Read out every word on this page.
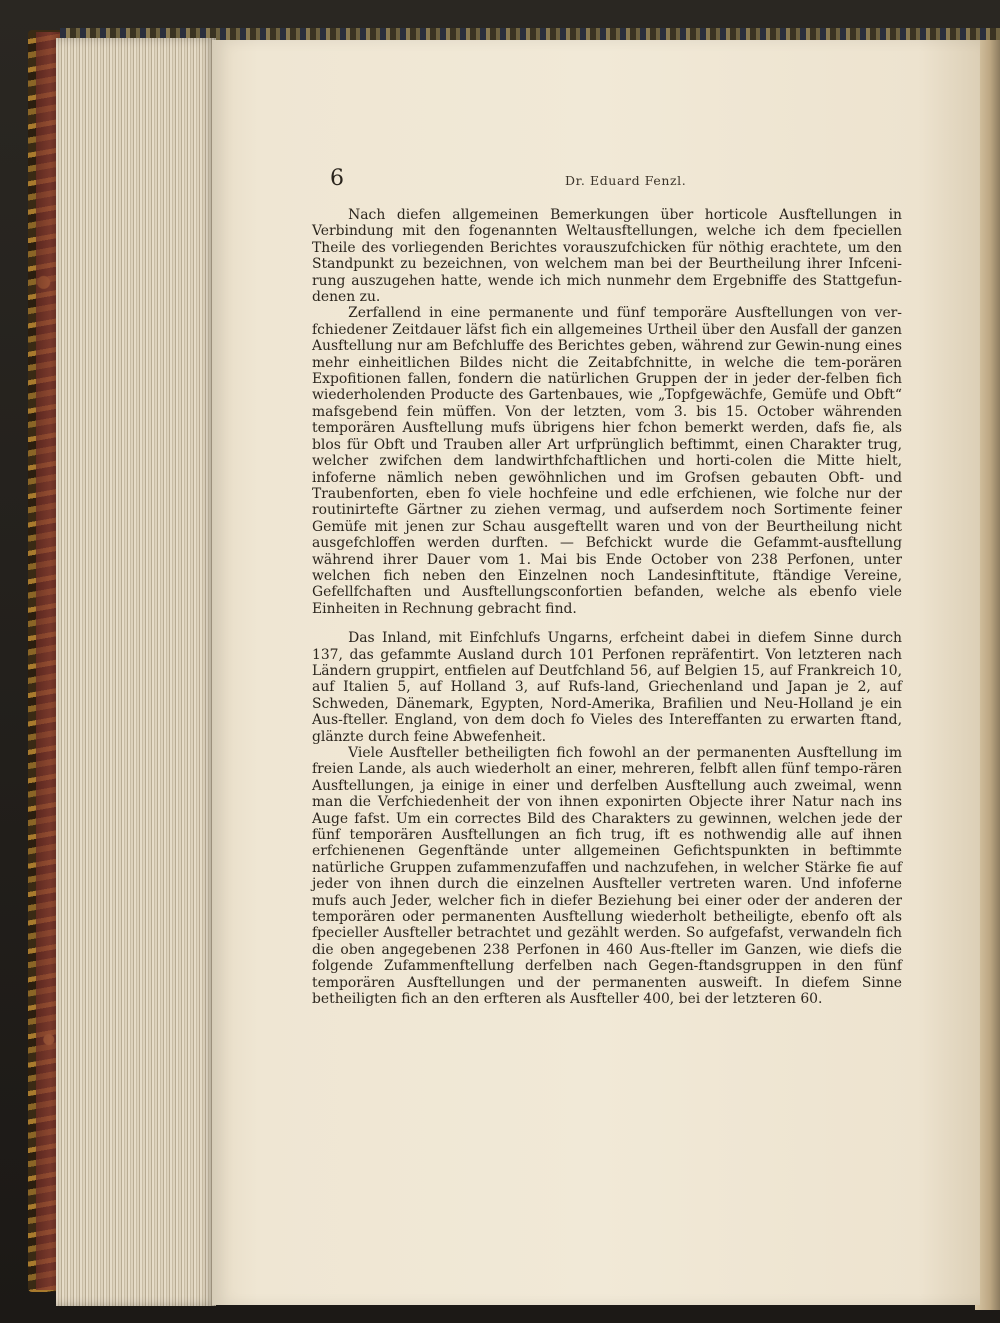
6	Dr. Eduard Fenzl.

Nach diefen allgemeinen Bemerkungen über horticole Ausftellungen in Verbindung mit den fogenannten Weltausftellungen, welche ich dem fpeciellen Theile des vorliegenden Berichtes vorauszufchicken für nöthig erachtete, um den Standpunkt zu bezeichnen, von welchem man bei der Beurtheilung ihrer Infceni-rung auszugehen hatte, wende ich mich nunmehr dem Ergebniffe des Stattgefun-denen zu.

Zerfallend in eine permanente und fünf temporäre Ausftellungen von ver-fchiedener Zeitdauer läfst fich ein allgemeines Urtheil über den Ausfall der ganzen Ausftellung nur am Befchluffe des Berichtes geben, während zur Gewin-nung eines mehr einheitlichen Bildes nicht die Zeitabfchnitte, in welche die tem-porären Expofitionen fallen, fondern die natürlichen Gruppen der in jeder der-felben fich wiederholenden Producte des Gartenbaues, wie „Topfgewächfe, Gemüfe und Obft“ mafsgebend fein müffen. Von der letzten, vom 3. bis 15. October währenden temporären Ausftellung mufs übrigens hier fchon bemerkt werden, dafs fie, als blos für Obft und Trauben aller Art urfprünglich beftimmt, einen Charakter trug, welcher zwifchen dem landwirthfchaftlichen und horti-colen die Mitte hielt, infoferne nämlich neben gewöhnlichen und im Grofsen gebauten Obft- und Traubenforten, eben fo viele hochfeine und edle erfchienen, wie folche nur der routinirtefte Gärtner zu ziehen vermag, und aufserdem noch Sortimente feiner Gemüfe mit jenen zur Schau ausgeftellt waren und von der Beurtheilung nicht ausgefchloffen werden durften. — Befchickt wurde die Gefammt-ausftellung während ihrer Dauer vom 1. Mai bis Ende October von 238 Perfonen, unter welchen fich neben den Einzelnen noch Landesinftitute, ftändige Vereine, Gefellfchaften und Ausftellungsconfortien befanden, welche als ebenfo viele Einheiten in Rechnung gebracht find.

Das Inland, mit Einfchlufs Ungarns, erfcheint dabei in diefem Sinne durch 137, das gefammte Ausland durch 101 Perfonen repräfentirt. Von letzteren nach Ländern gruppirt, entfielen auf Deutfchland 56, auf Belgien 15, auf Frankreich 10, auf Italien 5, auf Holland 3, auf Rufs-land, Griechenland und Japan je 2, auf Schweden, Dänemark, Egypten, Nord-Amerika, Brafilien und Neu-Holland je ein Aus-fteller. England, von dem doch fo Vieles des Intereffanten zu erwarten ftand, glänzte durch feine Abwefenheit.

Viele Ausfteller betheiligten fich fowohl an der permanenten Ausftellung im freien Lande, als auch wiederholt an einer, mehreren, felbft allen fünf tempo-rären Ausftellungen, ja einige in einer und derfelben Ausftellung auch zweimal, wenn man die Verfchiedenheit der von ihnen exponirten Objecte ihrer Natur nach ins Auge fafst. Um ein correctes Bild des Charakters zu gewinnen, welchen jede der fünf temporären Ausftellungen an fich trug, ift es nothwendig alle auf ihnen erfchienenen Gegenftände unter allgemeinen Gefichtspunkten in beftimmte natürliche Gruppen zufammenzufaffen und nachzufehen, in welcher Stärke fie auf jeder von ihnen durch die einzelnen Ausfteller vertreten waren. Und infoferne mufs auch Jeder, welcher fich in diefer Beziehung bei einer oder der anderen der temporären oder permanenten Ausftellung wiederholt betheiligte, ebenfo oft als fpecieller Ausfteller betrachtet und gezählt werden. So aufgefafst, verwandeln fich die oben angegebenen 238 Perfonen in 460 Aus-fteller im Ganzen, wie diefs die folgende Zufammenftellung derfelben nach Gegen-ftandsgruppen in den fünf temporären Ausftellungen und der permanenten ausweift. In diefem Sinne betheiligten fich an den erfteren als Ausfteller 400, bei der letzteren 60.
